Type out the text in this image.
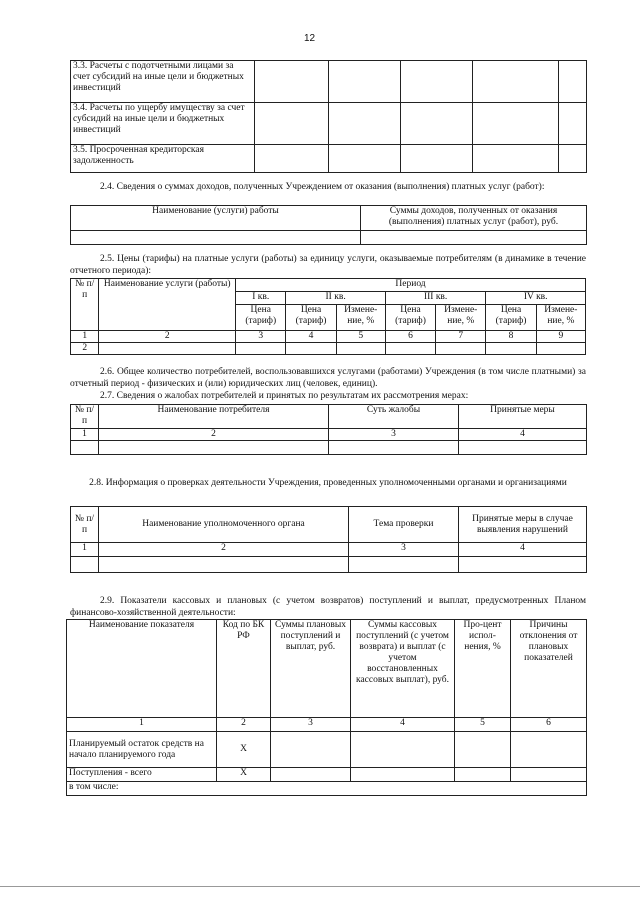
12
3.3. Расчеты с подотчетными лицами за счет субсидий на иные цели и бюджетных инвестиций					
3.4. Расчеты по ущербу имуществу за счет субсидий на иные цели и бюджетных инвестиций					
3.5. Просроченная кредиторская задолженность					
2.4. Сведения о суммах доходов, полученных Учреждением от оказания (выполнения) платных услуг (работ):
Наименование (услуги) работы	Суммы доходов, полученных от оказания (выполнения) платных услуг (работ), руб.

2.5. Цены (тарифы) на платные услуги (работы) за единицу услуги, оказываемые потребителям (в динамике в течение отчетного периода):
№ п/п	Наименование услуги (работы)	Период						
		I кв.	II кв.		III кв.		IV кв.	
		Цена (тариф)	Цена (тариф)	Измене-ние, %	Цена (тариф)	Измене-ние, %	Цена (тариф)	Измене-ние, %
1	2	3	4	5	6	7	8	9
2								
2.6. Общее количество потребителей, воспользовавшихся услугами (работами) Учреждения (в том числе платными) за отчетный период - физических и (или) юридических лиц (человек, единиц).
2.7. Сведения о жалобах потребителей и принятых по результатам их рассмотрения мерах:
№ п/п	Наименование потребителя	Суть жалобы	Принятые меры
1	2	3	4

2.8. Информация о проверках деятельности Учреждения, проведенных уполномоченными органами и организациями
№ п/п	Наименование уполномоченного органа	Тема проверки	Принятые меры в случае выявления нарушений
1	2	3	4

2.9. Показатели кассовых и плановых (с учетом возвратов) поступлений и выплат, предусмотренных Планом финансово-хозяйственной деятельности:
Наименование показателя	Код по БК РФ	Суммы плановых поступлений и выплат, руб.	Суммы кассовых поступлений (с учетом возврата) и выплат (с учетом восстановленных кассовых выплат), руб.	Про-цент испол-нения, %	Причины отклонения от плановых показателей
1	2	3	4	5	6
Планируемый остаток средств на начало планируемого года	X				
Поступления - всего	X				
в том числе:					
